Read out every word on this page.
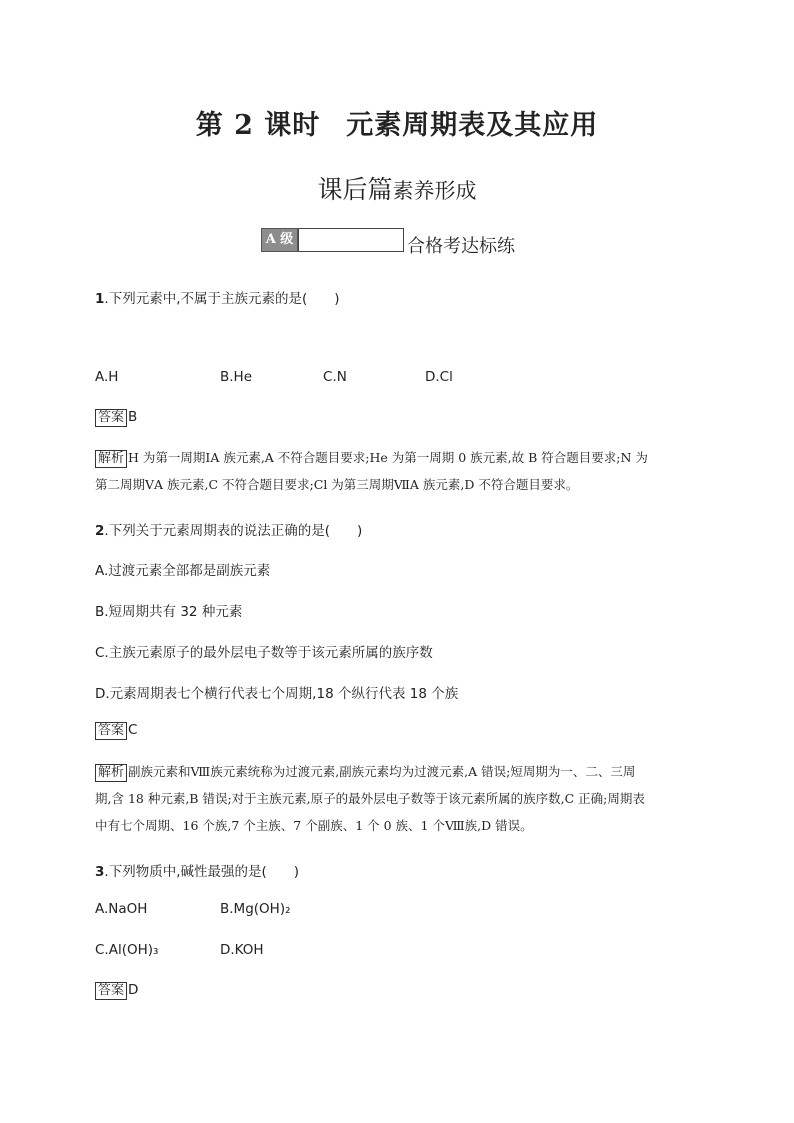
第 2 课时 元素周期表及其应用
课后篇素养形成
A 级	合格考达标练
1.下列元素中,不属于主族元素的是(　　)
A.H	B.He	C.N	D.Cl
答案 B
解析 H 为第一周期ⅠA 族元素,A 不符合题目要求;He 为第一周期 0 族元素,故 B 符合题目要求;N 为
第二周期ⅤA 族元素,C 不符合题目要求;Cl 为第三周期ⅦA 族元素,D 不符合题目要求。
2.下列关于元素周期表的说法正确的是(　　)
A.过渡元素全部都是副族元素
B.短周期共有 32 种元素
C.主族元素原子的最外层电子数等于该元素所属的族序数
D.元素周期表七个横行代表七个周期,18 个纵行代表 18 个族
答案 C
解析 副族元素和Ⅷ族元素统称为过渡元素,副族元素均为过渡元素,A 错误;短周期为一、二、三周
期,含 18 种元素,B 错误;对于主族元素,原子的最外层电子数等于该元素所属的族序数,C 正确;周期表
中有七个周期、16 个族,7 个主族、7 个副族、1 个 0 族、1 个Ⅷ族,D 错误。
3.下列物质中,碱性最强的是(　　)
A.NaOH	B.Mg(OH)₂
C.Al(OH)₃	D.KOH
答案 D
